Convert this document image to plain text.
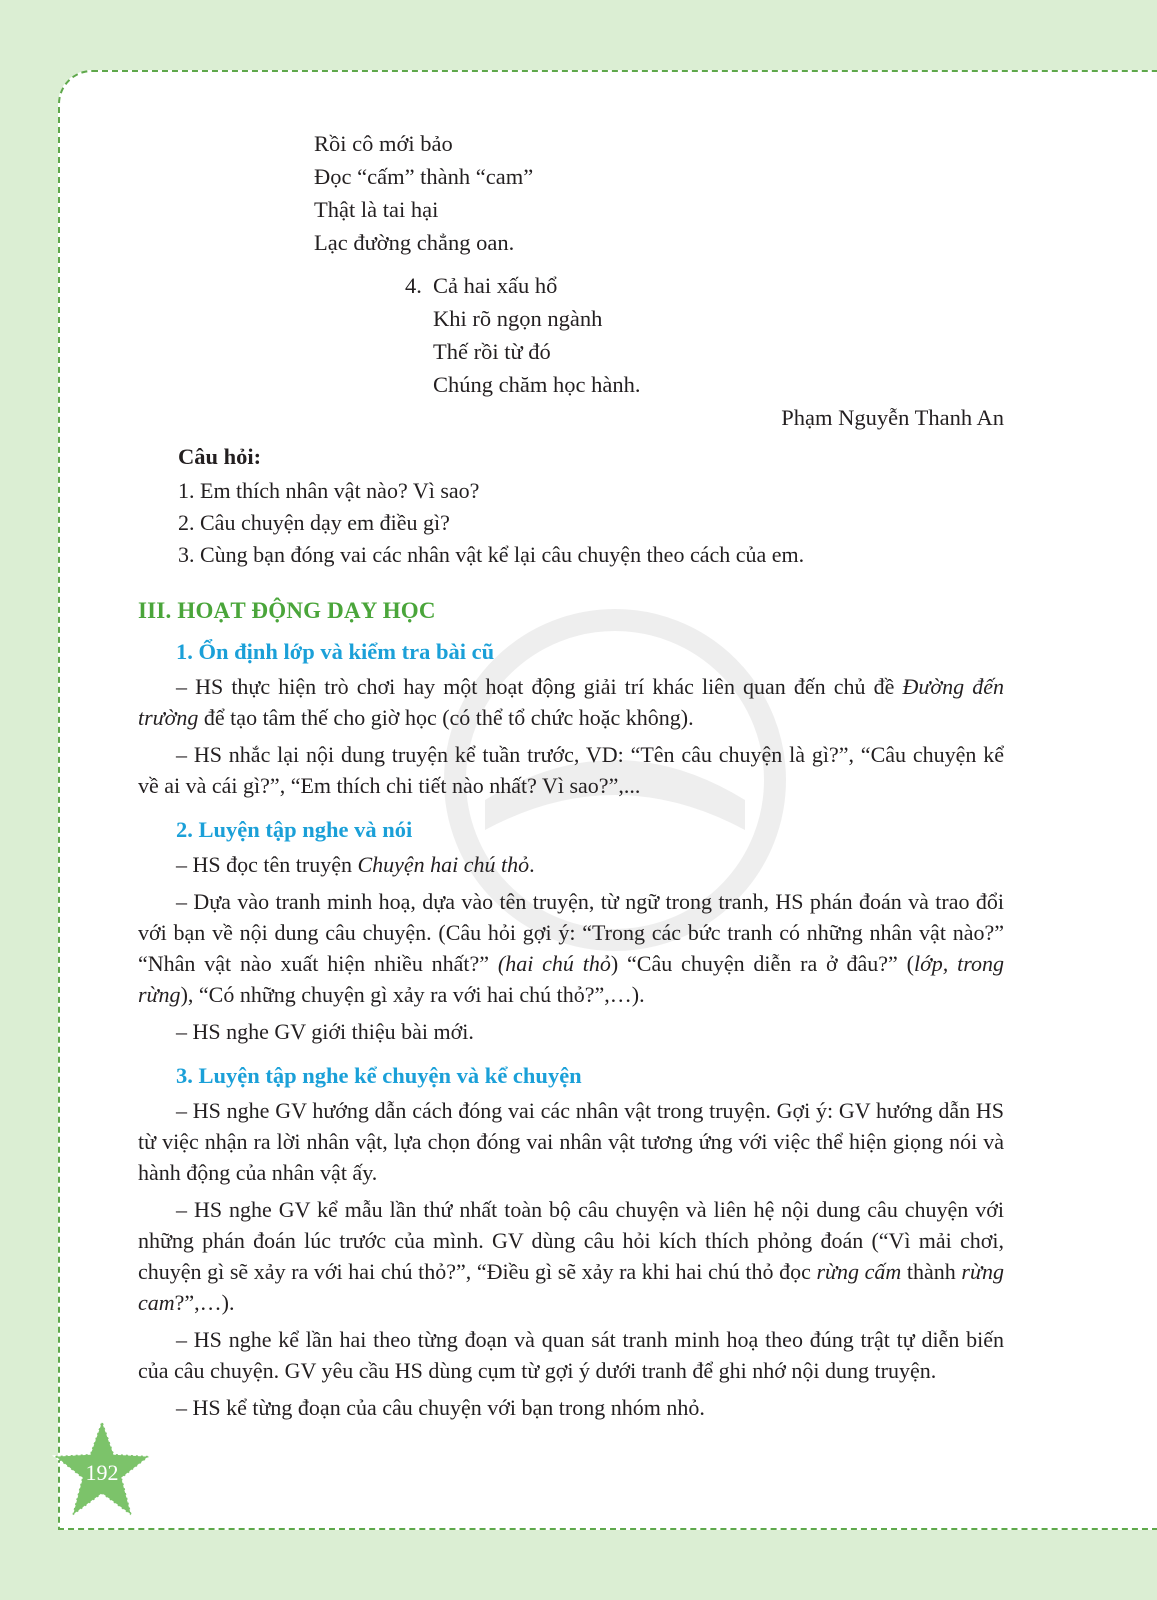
Rồi cô mới bảo
Đọc “cấm” thành “cam”
Thật là tai hại
Lạc đường chẳng oan.
4. Cả hai xấu hổ
Khi rõ ngọn ngành
Thế rồi từ đó
Chúng chăm học hành.
Phạm Nguyễn Thanh An
Câu hỏi:
1. Em thích nhân vật nào? Vì sao?
2. Câu chuyện dạy em điều gì?
3. Cùng bạn đóng vai các nhân vật kể lại câu chuyện theo cách của em.
III. HOẠT ĐỘNG DẠY HỌC
1. Ổn định lớp và kiểm tra bài cũ
– HS thực hiện trò chơi hay một hoạt động giải trí khác liên quan đến chủ đề Đường đến trường để tạo tâm thế cho giờ học (có thể tổ chức hoặc không).
– HS nhắc lại nội dung truyện kể tuần trước, VD: “Tên câu chuyện là gì?”, “Câu chuyện kể về ai và cái gì?”, “Em thích chi tiết nào nhất? Vì sao?”,...
2. Luyện tập nghe và nói
– HS đọc tên truyện Chuyện hai chú thỏ.
– Dựa vào tranh minh hoạ, dựa vào tên truyện, từ ngữ trong tranh, HS phán đoán và trao đổi với bạn về nội dung câu chuyện. (Câu hỏi gợi ý: “Trong các bức tranh có những nhân vật nào?” “Nhân vật nào xuất hiện nhiều nhất?” (hai chú thỏ) “Câu chuyện diễn ra ở đâu?” (lớp, trong rừng), “Có những chuyện gì xảy ra với hai chú thỏ?”,…).
– HS nghe GV giới thiệu bài mới.
3. Luyện tập nghe kể chuyện và kể chuyện
– HS nghe GV hướng dẫn cách đóng vai các nhân vật trong truyện. Gợi ý: GV hướng dẫn HS từ việc nhận ra lời nhân vật, lựa chọn đóng vai nhân vật tương ứng với việc thể hiện giọng nói và hành động của nhân vật ấy.
– HS nghe GV kể mẫu lần thứ nhất toàn bộ câu chuyện và liên hệ nội dung câu chuyện với những phán đoán lúc trước của mình. GV dùng câu hỏi kích thích phỏng đoán (“Vì mải chơi, chuyện gì sẽ xảy ra với hai chú thỏ?”, “Điều gì sẽ xảy ra khi hai chú thỏ đọc rừng cấm thành rừng cam?”,…).
– HS nghe kể lần hai theo từng đoạn và quan sát tranh minh hoạ theo đúng trật tự diễn biến của câu chuyện. GV yêu cầu HS dùng cụm từ gợi ý dưới tranh để ghi nhớ nội dung truyện.
– HS kể từng đoạn của câu chuyện với bạn trong nhóm nhỏ.
192
